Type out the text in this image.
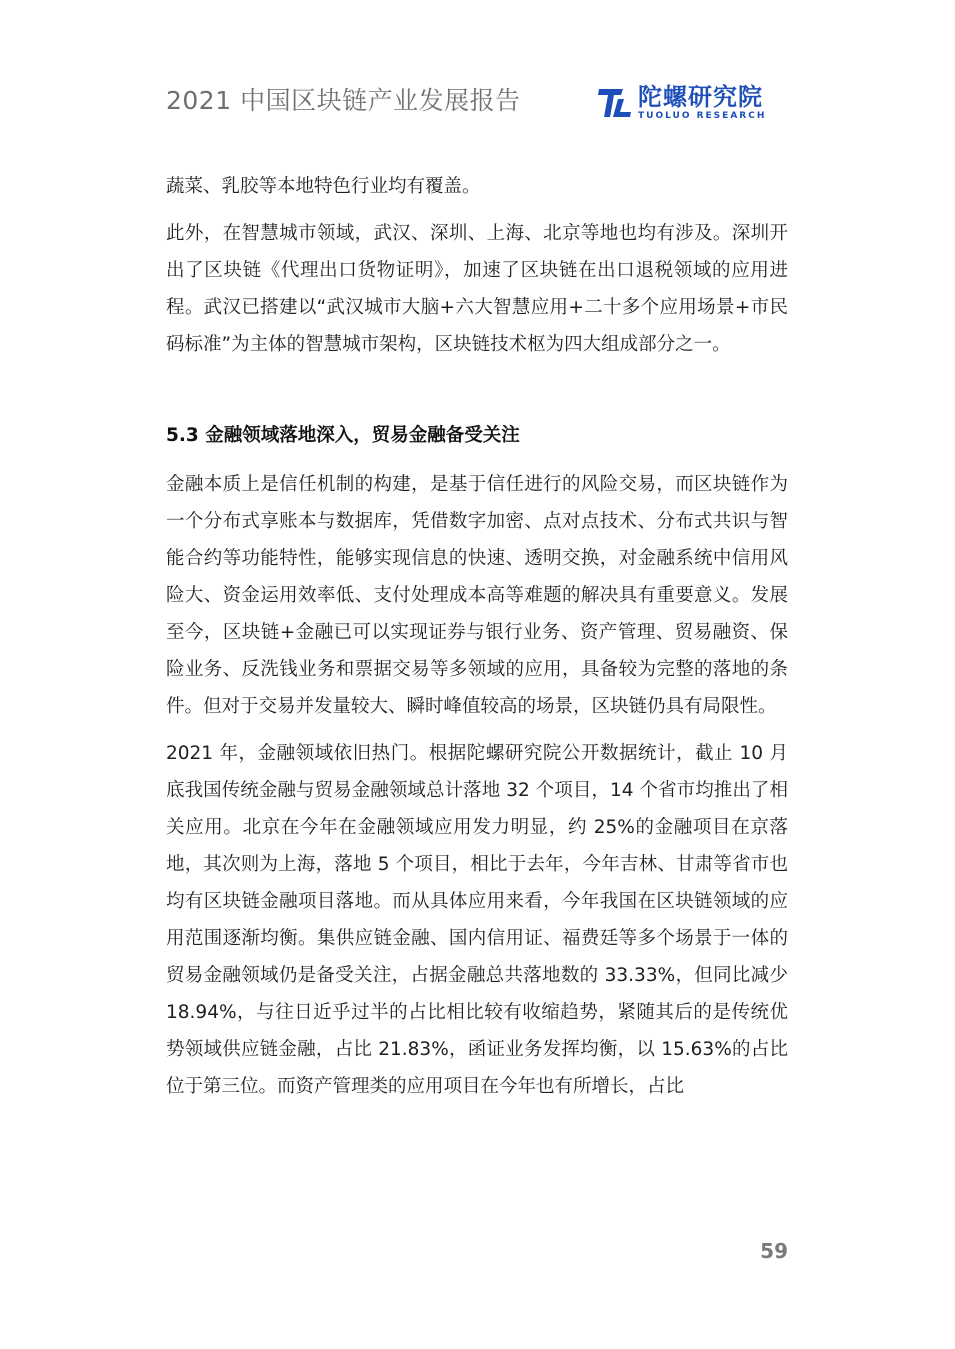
2021 中国区块链产业发展报告	陀螺研究院
TUOLUO RESEARCH

蔬菜、乳胶等本地特色行业均有覆盖。

此外，在智慧城市领域，武汉、深圳、上海、北京等地也均有涉及。深圳开出了区块链《代理出口货物证明》，加速了区块链在出口退税领域的应用进程。武汉已搭建以“武汉城市大脑+六大智慧应用+二十多个应用场景+市民码标准”为主体的智慧城市架构，区块链技术枢为四大组成部分之一。

5.3 金融领域落地深入，贸易金融备受关注

金融本质上是信任机制的构建，是基于信任进行的风险交易，而区块链作为一个分布式享账本与数据库，凭借数字加密、点对点技术、分布式共识与智能合约等功能特性，能够实现信息的快速、透明交换，对金融系统中信用风险大、资金运用效率低、支付处理成本高等难题的解决具有重要意义。发展至今，区块链+金融已可以实现证券与银行业务、资产管理、贸易融资、保险业务、反洗钱业务和票据交易等多领域的应用，具备较为完整的落地的条件。但对于交易并发量较大、瞬时峰值较高的场景，区块链仍具有局限性。

2021 年，金融领域依旧热门。根据陀螺研究院公开数据统计，截止 10 月底我国传统金融与贸易金融领域总计落地 32 个项目，14 个省市均推出了相关应用。北京在今年在金融领域应用发力明显，约 25%的金融项目在京落地，其次则为上海，落地 5 个项目，相比于去年，今年吉林、甘肃等省市也均有区块链金融项目落地。而从具体应用来看，今年我国在区块链领域的应用范围逐渐均衡。集供应链金融、国内信用证、福费廷等多个场景于一体的贸易金融领域仍是备受关注，占据金融总共落地数的 33.33%，但同比减少 18.94%，与往日近乎过半的占比相比较有收缩趋势，紧随其后的是传统优势领域供应链金融，占比 21.83%，函证业务发挥均衡，以 15.63%的占比位于第三位。而资产管理类的应用项目在今年也有所增长，占比

59
